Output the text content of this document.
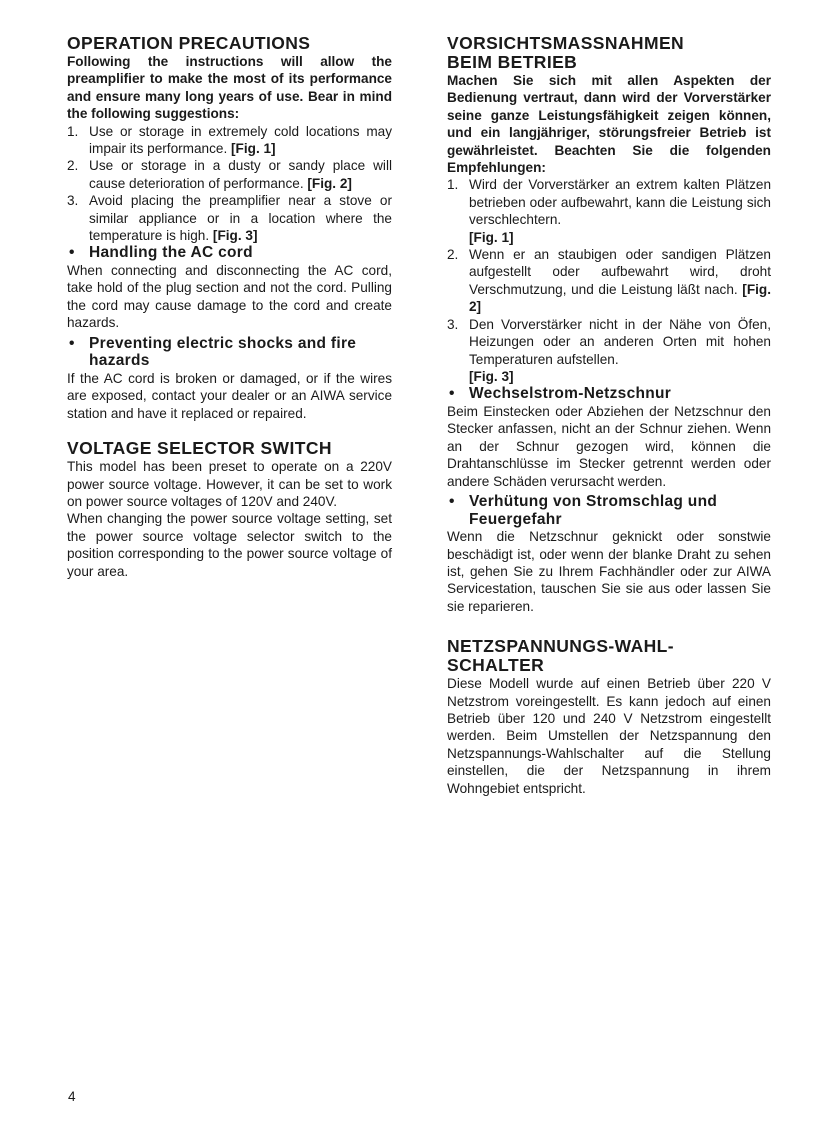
OPERATION PRECAUTIONS

Following the instructions will allow the preamplifier to make the most of its performance and ensure many long years of use. Bear in mind the following suggestions:

1. Use or storage in extremely cold locations may impair its performance. [Fig. 1]
2. Use or storage in a dusty or sandy place will cause deterioration of performance. [Fig. 2]
3. Avoid placing the preamplifier near a stove or similar appliance or in a location where the temperature is high. [Fig. 3]
• Handling the AC cord

When connecting and disconnecting the AC cord, take hold of the plug section and not the cord. Pulling the cord may cause damage to the cord and create hazards.

• Preventing electric shocks and fire hazards

If the AC cord is broken or damaged, or if the wires are exposed, contact your dealer or an AIWA service station and have it replaced or repaired.

VOLTAGE SELECTOR SWITCH

This model has been preset to operate on a 220V power source voltage. However, it can be set to work on power source voltages of 120V and 240V.

When changing the power source voltage setting, set the power source voltage selector switch to the position corresponding to the power source voltage of your area.

VORSICHTSMASSNAHMEN
BEIM BETRIEB

Machen Sie sich mit allen Aspekten der Bedienung vertraut, dann wird der Vorverstärker seine ganze Leistungsfähigkeit zeigen können, und ein langjähriger, störungsfreier Betrieb ist gewährleistet. Beachten Sie die folgenden Empfehlungen:

1. Wird der Vorverstärker an extrem kalten Plätzen betrieben oder aufbewahrt, kann die Leistung sich verschlechtern.
[Fig. 1]
2. Wenn er an staubigen oder sandigen Plätzen aufgestellt oder aufbewahrt wird, droht Verschmutzung, und die Leistung läßt nach. [Fig. 2]
3. Den Vorverstärker nicht in der Nähe von Öfen, Heizungen oder an anderen Orten mit hohen Temperaturen aufstellen.
[Fig. 3]
• Wechselstrom-Netzschnur

Beim Einstecken oder Abziehen der Netzschnur den Stecker anfassen, nicht an der Schnur ziehen. Wenn an der Schnur gezogen wird, können die Drahtanschlüsse im Stecker getrennt werden oder andere Schäden verursacht werden.

• Verhütung von Stromschlag und Feuergefahr

Wenn die Netzschnur geknickt oder sonstwie beschädigt ist, oder wenn der blanke Draht zu sehen ist, gehen Sie zu Ihrem Fachhändler oder zur AIWA Servicestation, tauschen Sie sie aus oder lassen Sie sie reparieren.

NETZSPANNUNGS-WAHL-
SCHALTER

Diese Modell wurde auf einen Betrieb über 220 V Netzstrom voreingestellt. Es kann jedoch auf einen Betrieb über 120 und 240 V Netzstrom eingestellt werden. Beim Umstellen der Netzspannung den Netzspannungs-Wahlschalter auf die Stellung einstellen, die der Netzspannung in ihrem Wohngebiet entspricht.

4
